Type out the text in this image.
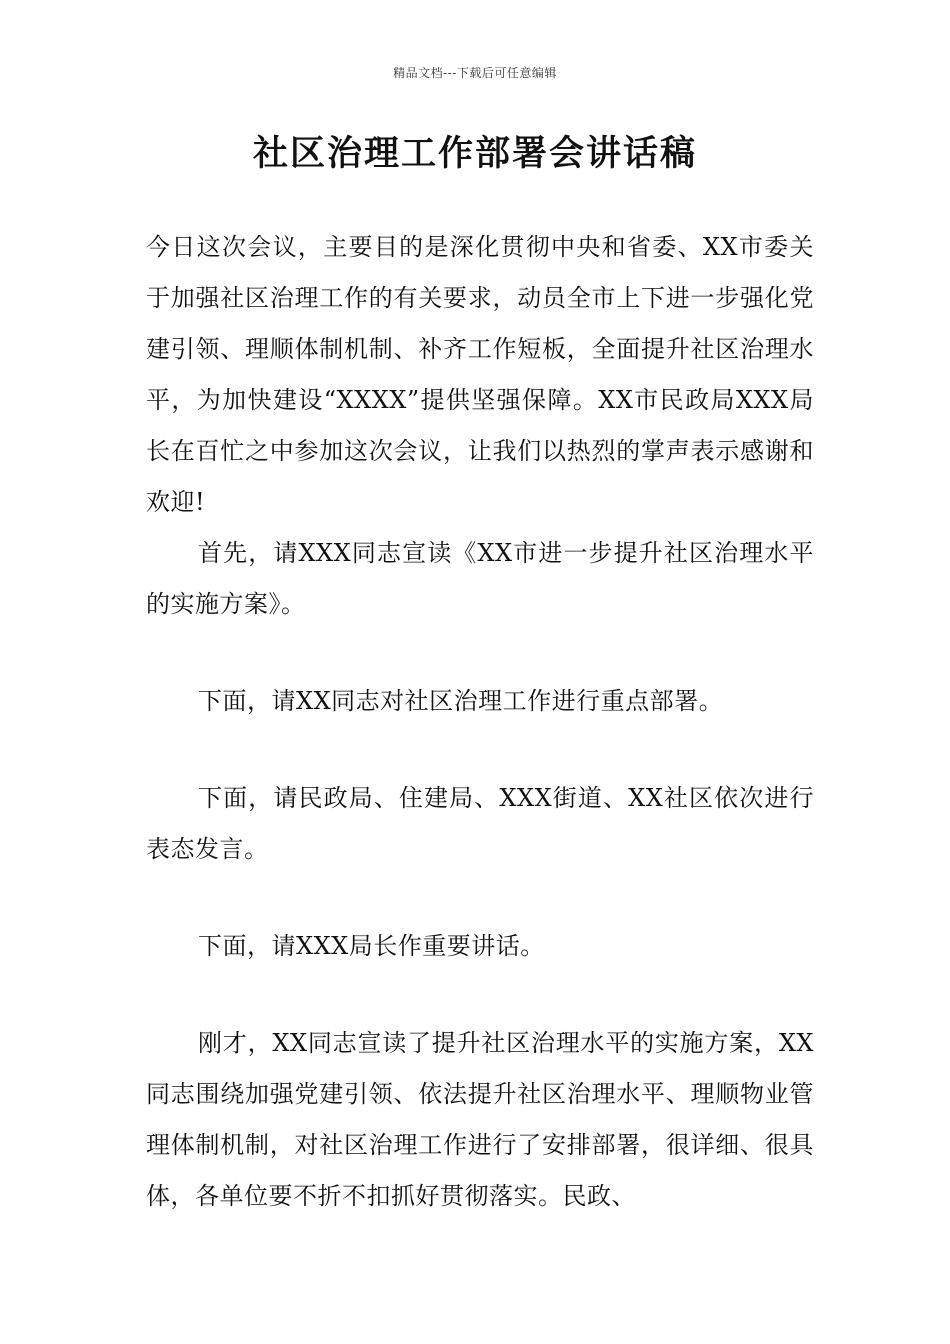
精品文档---下载后可任意编辑
社区治理工作部署会讲话稿

今日这次会议，主要目的是深化贯彻中央和省委、XX市委关于加强社区治理工作的有关要求，动员全市上下进一步强化党建引领、理顺体制机制、补齐工作短板，全面提升社区治理水平，为加快建设“XXXX”提供坚强保障。XX市民政局XXX局长在百忙之中参加这次会议，让我们以热烈的掌声表示感谢和欢迎!

首先，请XXX同志宣读《XX市进一步提升社区治理水平的实施方案》。

下面，请XX同志对社区治理工作进行重点部署。

下面，请民政局、住建局、XXX街道、XX社区依次进行表态发言。

下面，请XXX局长作重要讲话。

刚才，XX同志宣读了提升社区治理水平的实施方案，XX同志围绕加强党建引领、依法提升社区治理水平、理顺物业管理体制机制，对社区治理工作进行了安排部署，很详细、很具体，各单位要不折不扣抓好贯彻落实。民政、
